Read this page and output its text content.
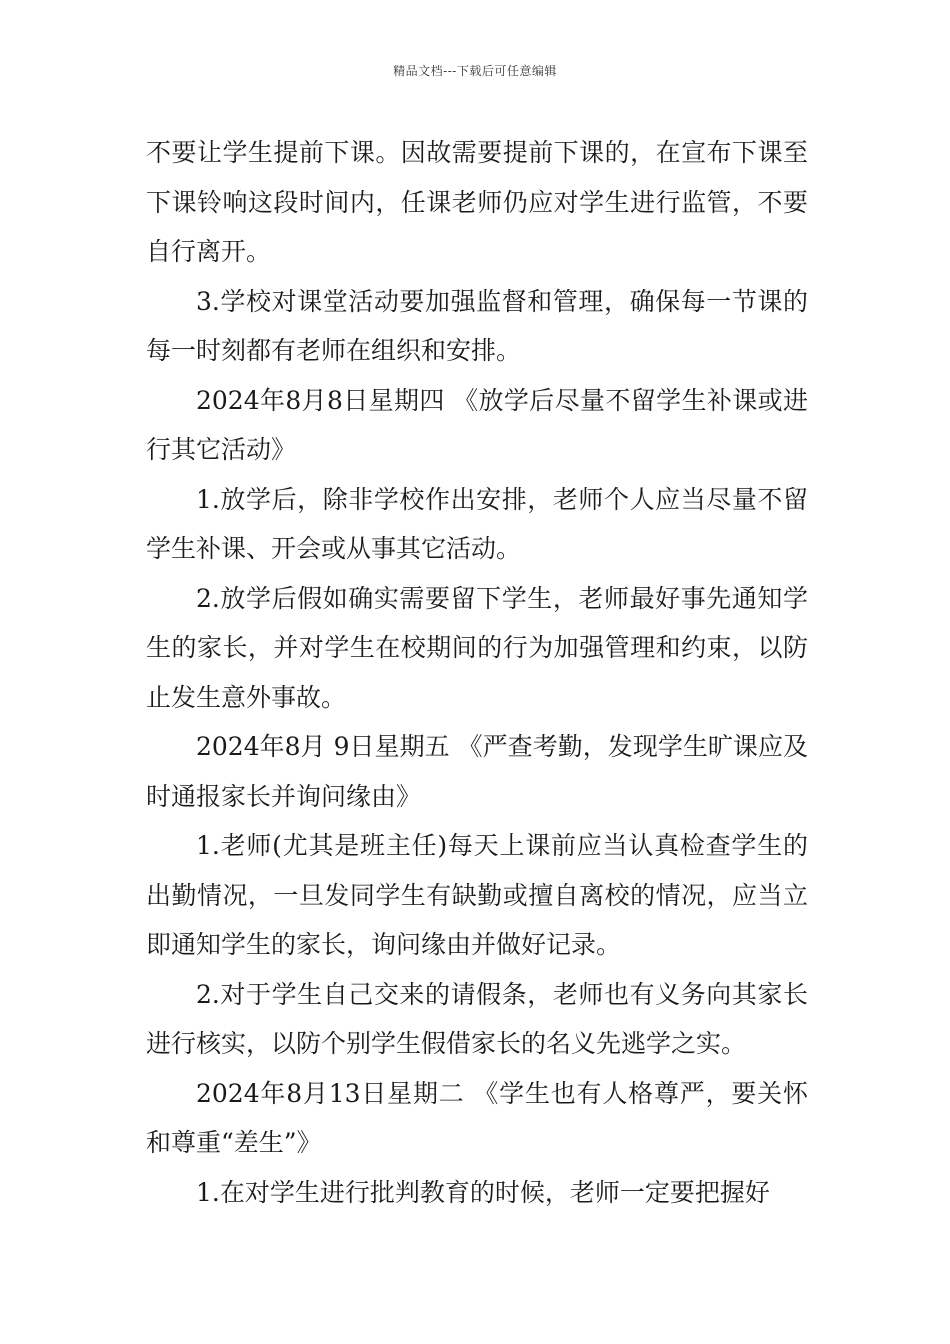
精品文档---下载后可任意编辑

不要让学生提前下课。因故需要提前下课的，在宣布下课至下课铃响这段时间内，任课老师仍应对学生进行监管，不要自行离开。

3.学校对课堂活动要加强监督和管理，确保每一节课的每一时刻都有老师在组织和安排。

2024年8月8日星期四 《放学后尽量不留学生补课或进行其它活动》

1.放学后，除非学校作出安排，老师个人应当尽量不留学生补课、开会或从事其它活动。

2.放学后假如确实需要留下学生，老师最好事先通知学生的家长，并对学生在校期间的行为加强管理和约束，以防止发生意外事故。

2024年8月 9日星期五 《严查考勤，发现学生旷课应及时通报家长并询问缘由》

1.老师(尤其是班主任)每天上课前应当认真检查学生的出勤情况，一旦发同学生有缺勤或擅自离校的情况，应当立即通知学生的家长，询问缘由并做好记录。

2.对于学生自己交来的请假条，老师也有义务向其家长进行核实，以防个别学生假借家长的名义先逃学之实。

2024年8月13日星期二 《学生也有人格尊严，要关怀和尊重“差生”》

1.在对学生进行批判教育的时候，老师一定要把握好
